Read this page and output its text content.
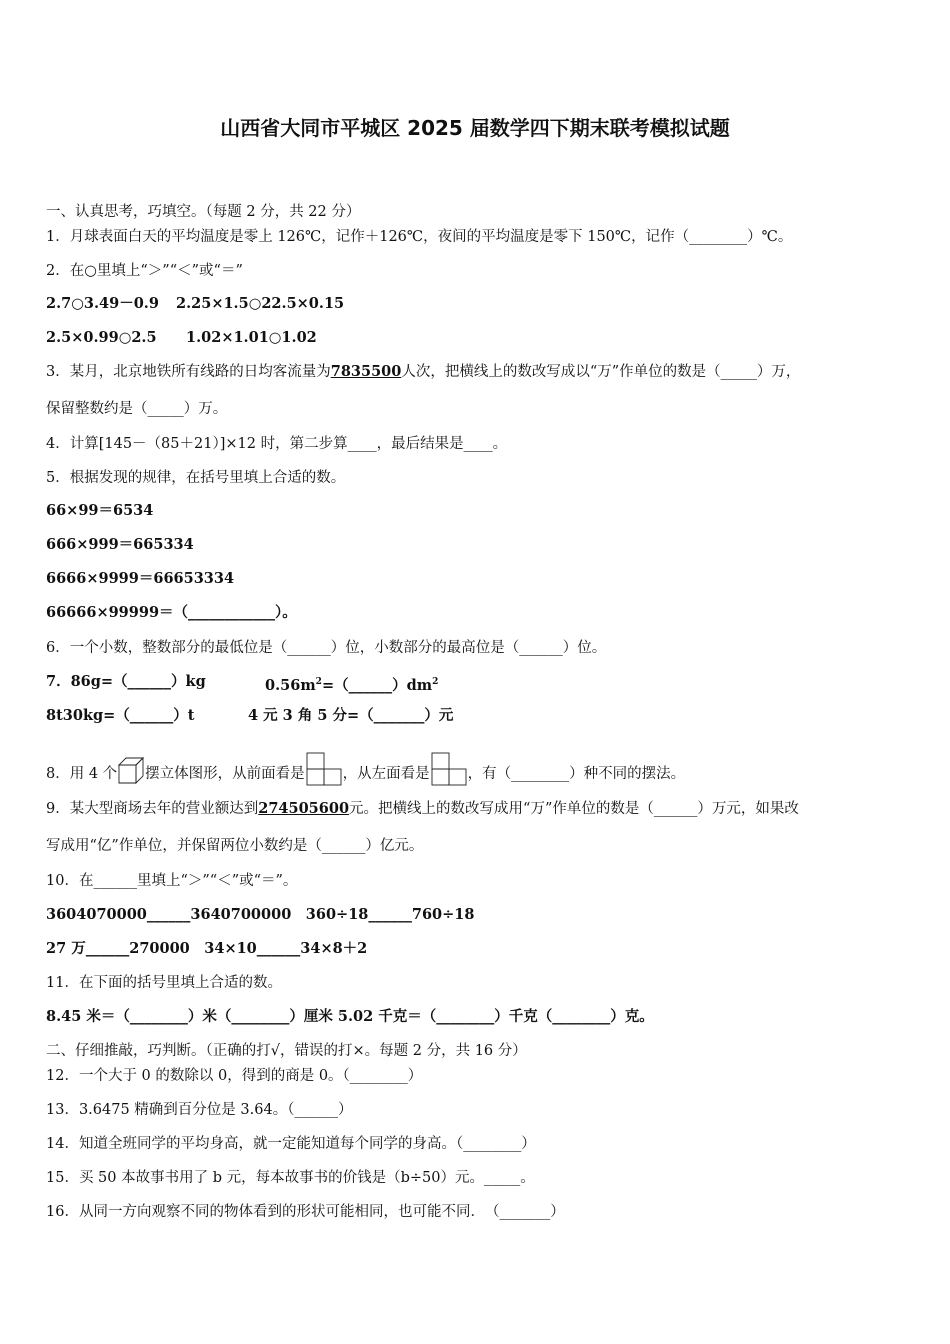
山西省大同市平城区 2025 届数学四下期末联考模拟试题
一、认真思考，巧填空。（每题 2 分，共 22 分）
1．月球表面白天的平均温度是零上 126℃，记作＋126℃，夜间的平均温度是零下 150℃，记作（________）℃。
2．在○里填上“＞”“＜”或“＝”
2.7○3.49－0.9 2.25×1.5○22.5×0.15
2.5×0.99○2.5 1.02×1.01○1.02
3．某月，北京地铁所有线路的日均客流量为7835500人次，把横线上的数改写成以“万”作单位的数是（_____）万，
保留整数约是（_____）万。
4．计算[145－（85＋21）]×12 时，第二步算____，最后结果是____。
5．根据发现的规律，在括号里填上合适的数。
66×99＝6534
666×999＝665334
6666×9999＝66653334
66666×99999＝（____________）。
6．一个小数，整数部分的最低位是（______）位，小数部分的最高位是（______）位。
7．86g=（______）kg	$0.56m^2=(\_\_\_\_\_\_)dm^2$
8t30kg=（______）t	4 元 3 角 5 分=（_______）元
8．用 4 个 摆立体图形，从前面看是	，从左面看是	，有（________）种不同的摆法。
9．某大型商场去年的营业额达到274505600元。把横线上的数改写成用“万”作单位的数是（______）万元，如果改
写成用“亿”作单位，并保留两位小数约是（______）亿元。
10．在______里填上“＞”“＜”或“＝”。
3604070000______3640700000　360÷18______760÷18
27 万______270000　34×10______34×8＋2
11．在下面的括号里填上合适的数。
8.45 米＝（________）米（________）厘米 5.02 千克＝（________）千克（________）克。
二、仔细推敲，巧判断。（正确的打√，错误的打×。每题 2 分，共 16 分）
12．一个大于 0 的数除以 0，得到的商是 0。（________）
13．3.6475 精确到百分位是 3.64。（______）
14．知道全班同学的平均身高，就一定能知道每个同学的身高。（________）
15．买 50 本故事书用了 b 元，每本故事书的价钱是（b÷50）元。_____。
16．从同一方向观察不同的物体看到的形状可能相同，也可能不同．　（_______）
